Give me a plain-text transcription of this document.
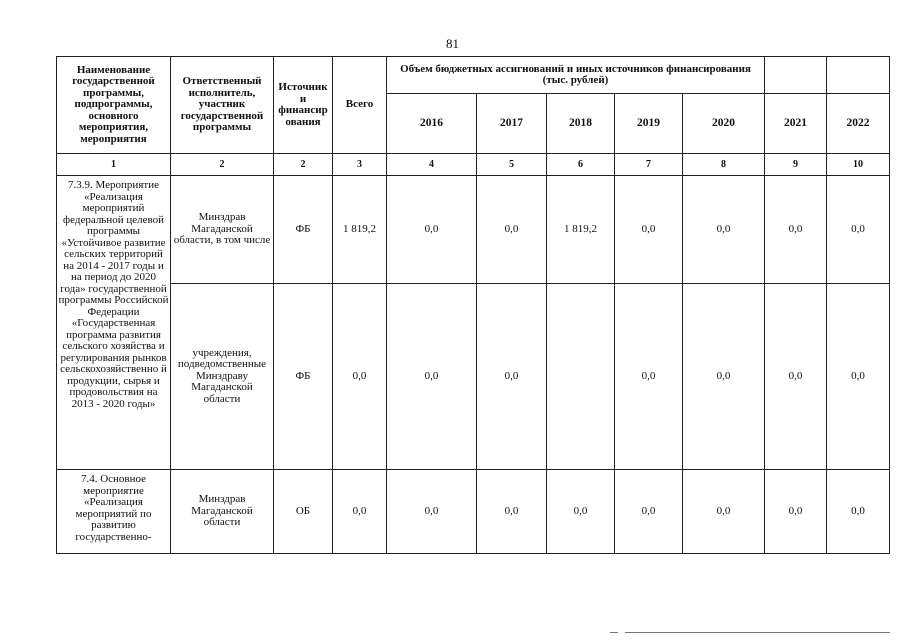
81
Наименование государственной программы, подпрограммы, основного мероприятия, мероприятия	Ответственный исполнитель, участник государственной программы	Источник и финансир ования	Всего	Объем бюджетных ассигнований и иных источников финансирования (тыс. рублей)						
				2016	2017	2018	2019	2020	2021	2022
1	2	2	3	4	5	6	7	8	9	10
7.3.9. Мероприятие «Реализация мероприятий федеральной целевой программы «Устойчивое развитие сельских территорий на 2014 - 2017 годы и на период до 2020 года» государственной программы Российской Федерации «Государственная программа развития сельского хозяйства и регулирования рынков сельскохозяйственно й продукции, сырья и продовольствия на 2013 - 2020 годы»	Минздрав Магаданской области, в том числе	ФБ	1 819,2	0,0	0,0	1 819,2	0,0	0,0	0,0	0,0
	учреждения, подведомственные Минздраву Магаданской области	ФБ	0,0	0,0	0,0		0,0	0,0	0,0	0,0
7.4. Основное мероприятие «Реализация мероприятий по развитию государственно-	Минздрав Магаданской области	ОБ	0,0	0,0	0,0	0,0	0,0	0,0	0,0	0,0
